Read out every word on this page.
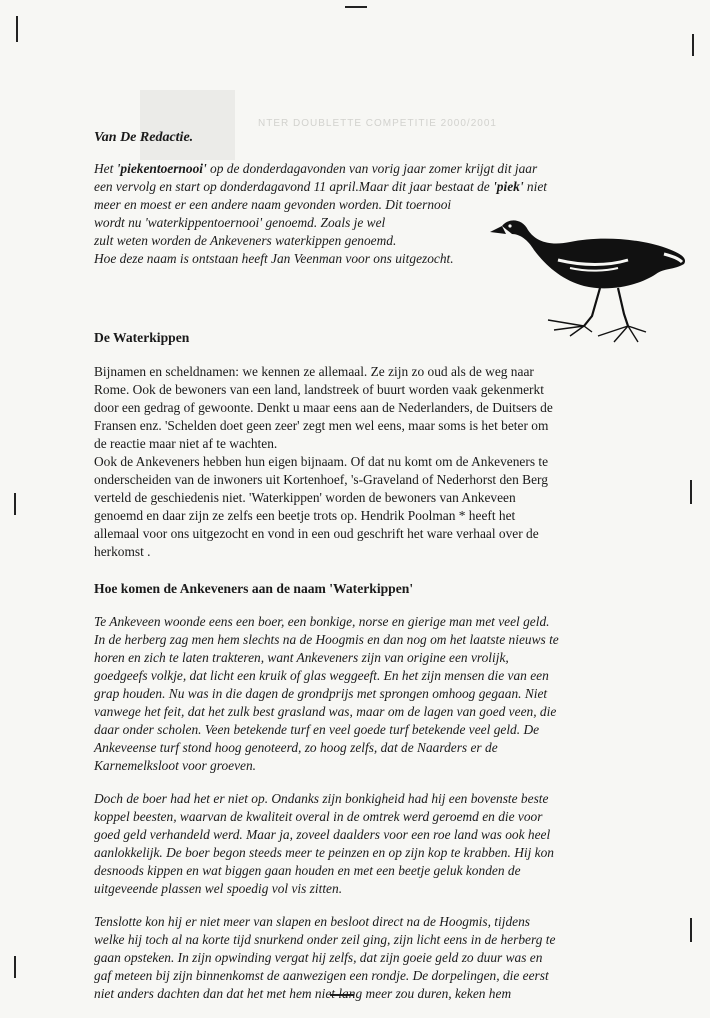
NTER DOUBLETTE COMPETITIE 2000/2001
Van De Redactie.

Het 'piekentoernooi' op de donderdagavonden van vorig jaar zomer krijgt dit jaar

een vervolg en start op donderdagavond 11 april.Maar dit jaar bestaat de 'piek' niet

meer en moest er een andere naam gevonden worden. Dit toernooi

wordt nu 'waterkippentoernooi' genoemd. Zoals je wel

zult weten worden de Ankeveners waterkippen genoemd.

Hoe deze naam is ontstaan heeft Jan Veenman voor ons uitgezocht.

De Waterkippen

Bijnamen en scheldnamen: we kennen ze allemaal. Ze zijn zo oud als de weg naar

Rome. Ook de bewoners van een land, landstreek of buurt worden vaak gekenmerkt

door een gedrag of gewoonte. Denkt u maar eens aan de Nederlanders, de Duitsers de

Fransen enz. 'Schelden doet geen zeer' zegt men wel eens, maar soms is het beter om

de reactie maar niet af te wachten.

Ook de Ankeveners hebben hun eigen bijnaam. Of dat nu komt om de Ankeveners te

onderscheiden van de inwoners uit Kortenhoef, 's-Graveland of Nederhorst den Berg

verteld de geschiedenis niet. 'Waterkippen' worden de bewoners van Ankeveen

genoemd en daar zijn ze zelfs een beetje trots op. Hendrik Poolman * heeft het

allemaal voor ons uitgezocht en vond in een oud geschrift het ware verhaal over de

herkomst .

Hoe komen de Ankeveners aan de naam 'Waterkippen'

Te Ankeveen woonde eens een boer, een bonkige, norse en gierige man met veel geld.
In de herberg zag men hem slechts na de Hoogmis en dan nog om het laatste nieuws te
horen en zich te laten trakteren, want Ankeveners zijn van origine een vrolijk,
goedgeefs volkje, dat licht een kruik of glas weggeeft. En het zijn mensen die van een
grap houden. Nu was in die dagen de grondprijs met sprongen omhoog gegaan. Niet
vanwege het feit, dat het zulk best grasland was, maar om de lagen van goed veen, die
daar onder scholen. Veen betekende turf en veel goede turf betekende veel geld. De
Ankeveense turf stond hoog genoteerd, zo hoog zelfs, dat de Naarders er de
Karnemelksloot voor groeven.

Doch de boer had het er niet op. Ondanks zijn bonkigheid had hij een bovenste beste
koppel beesten, waarvan de kwaliteit overal in de omtrek werd geroemd en die voor
goed geld verhandeld werd. Maar ja, zoveel daalders voor een roe land was ook heel
aanlokkelijk. De boer begon steeds meer te peinzen en op zijn kop te krabben. Hij kon
desnoods kippen en wat biggen gaan houden en met een beetje geluk konden de
uitgeveende plassen wel spoedig vol vis zitten.

Tenslotte kon hij er niet meer van slapen en besloot direct na de Hoogmis, tijdens
welke hij toch al na korte tijd snurkend onder zeil ging, zijn licht eens in de herberg te
gaan opsteken. In zijn opwinding vergat hij zelfs, dat zijn goeie geld zo duur was en
gaf meteen bij zijn binnenkomst de aanwezigen een rondje. De dorpelingen, die eerst
niet anders dachten dan dat het met hem niet lang meer zou duren, keken hem
